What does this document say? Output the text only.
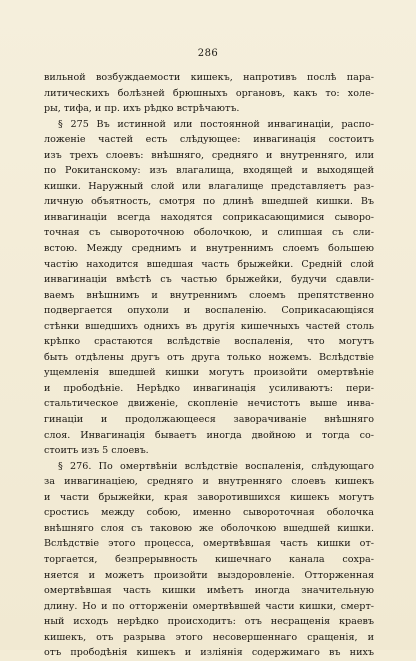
286
вильной возбуждаемости кишекъ, напротивъ послѣ пара-
литическихъ болѣзней брюшныхъ органовъ, какъ то: холе-
ры, тифа, и пр. ихъ рѣдко встрѣчаютъ.
§ 275 Въ истинной или постоянной инвагинаціи, распо-
ложеніе частей есть слѣдующее: инвагинація состоитъ
изъ трехъ слоевъ: внѣшняго, средняго и внутренняго, или
по Рокитанскому: изъ влагалища, входящей и выходящей
кишки. Наружный слой или влагалище представляетъ раз-
личную объятность, смотря по длинѣ вшедшей кишки. Въ
инвагинаціи всегда находятся соприкасающимися сыворо-
точная съ сывороточною оболочкою, и слипшая съ сли-
встою. Между среднимъ и внутреннимъ слоемъ большею
частію находится вшедшая часть брыжейки. Средній слой
инвагинаціи вмѣстѣ съ частью брыжейки, будучи сдавли-
ваемъ внѣшнимъ и внутреннимъ слоемъ препятственно
подвергается опухоли и воспаленію. Соприкасающіяся
стѣнки вшедшихъ однихъ въ другія кишечныхъ частей столь
крѣпко срастаются вслѣдствіе воспаленія, что могутъ
быть отдѣлены другъ отъ друга только ножемъ. Вслѣдствіе
ущемленія вшедшей кишки могутъ произойти омертвѣніе
и прободѣніе. Нерѣдко инвагинація усиливаютъ: пери-
стальтическое движеніе, скопленіе нечистотъ выше инва-
гинаціи и продолжающееся заворачиваніе внѣшняго
слоя. Инвагинація бываетъ иногда двойною и тогда со-
стоитъ изъ 5 слоевъ.
§ 276. По омертвѣніи вслѣдствіе воспаленія, слѣдующаго
за инвагинаціею, средняго и внутренняго слоевъ кишекъ
и части брыжейки, края заворотившихся кишекъ могутъ
сростись между собою, именно сывороточная оболочка
внѣшняго слоя съ таковою же оболочкою вшедшей кишки.
Вслѣдствіе этого процесса, омертвѣвшая часть кишки от-
торгается, безпрерывность кишечнаго канала сохра-
няется и можетъ произойти выздоровленіе. Отторженная
омертвѣвшая часть кишки имѣетъ иногда значительную
длину. Но и по отторженіи омертвѣвшей части кишки, смерт-
ный исходъ нерѣдко происходитъ: отъ несращенія краевъ
кишекъ, отъ разрыва этого несовершеннаго сращенія, и
отъ прободѣнія кишекъ и изліянія содержимаго въ нихъ
